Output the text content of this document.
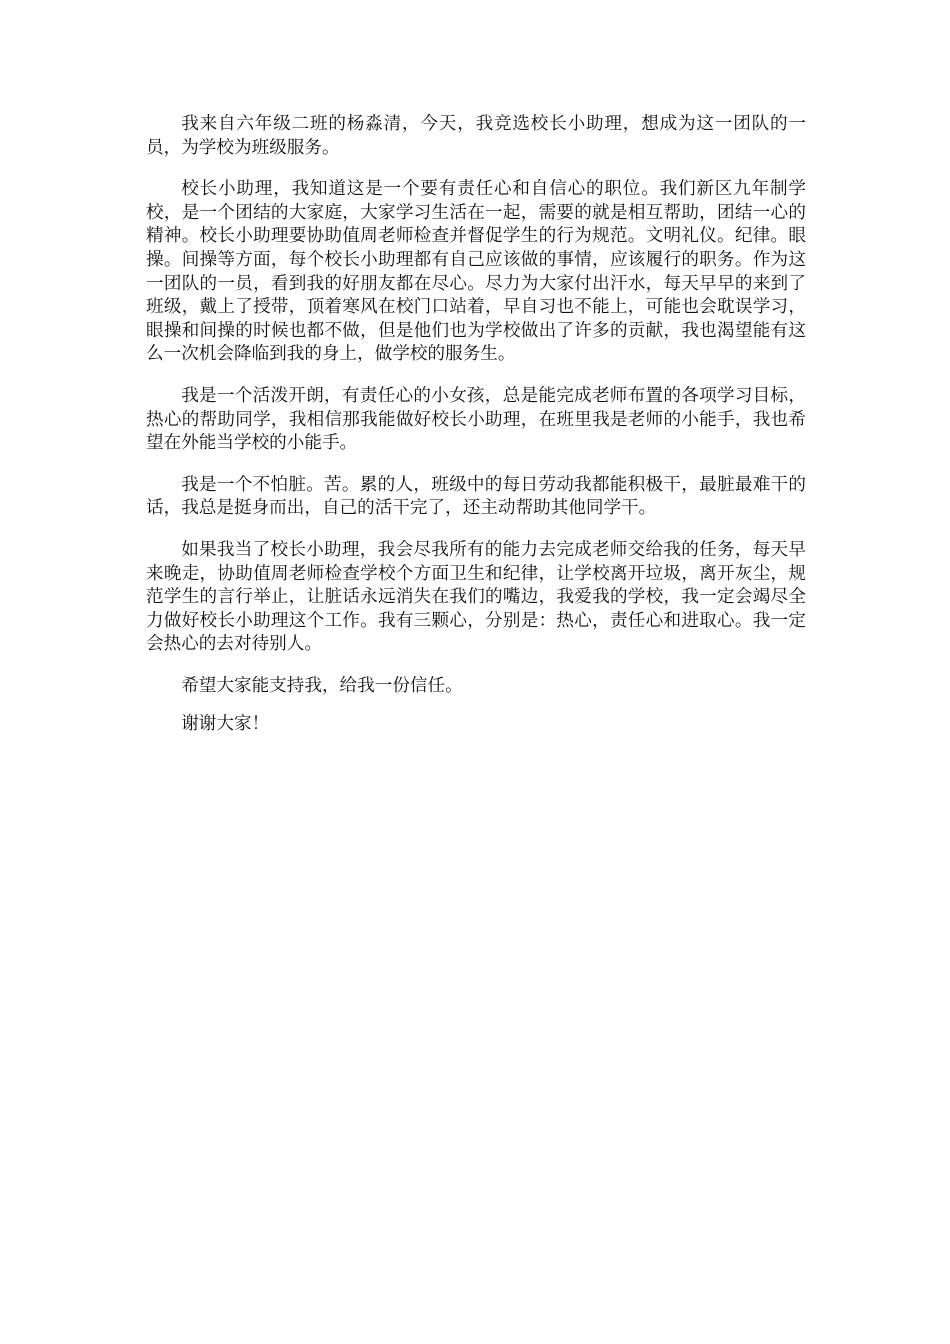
我来自六年级二班的杨淼清，今天，我竞选校长小助理，想成为这一团队的一员，为学校为班级服务。

校长小助理，我知道这是一个要有责任心和自信心的职位。我们新区九年制学校，是一个团结的大家庭，大家学习生活在一起，需要的就是相互帮助，团结一心的精神。校长小助理要协助值周老师检查并督促学生的行为规范。文明礼仪。纪律。眼操。间操等方面，每个校长小助理都有自己应该做的事情，应该履行的职务。作为这一团队的一员，看到我的好朋友都在尽心。尽力为大家付出汗水，每天早早的来到了班级，戴上了授带，顶着寒风在校门口站着，早自习也不能上，可能也会耽误学习，眼操和间操的时候也都不做，但是他们也为学校做出了许多的贡献，我也渴望能有这么一次机会降临到我的身上，做学校的服务生。

我是一个活泼开朗，有责任心的小女孩，总是能完成老师布置的各项学习目标，热心的帮助同学，我相信那我能做好校长小助理，在班里我是老师的小能手，我也希望在外能当学校的小能手。

我是一个不怕脏。苦。累的人，班级中的每日劳动我都能积极干，最脏最难干的话，我总是挺身而出，自己的活干完了，还主动帮助其他同学干。

如果我当了校长小助理，我会尽我所有的能力去完成老师交给我的任务，每天早来晚走，协助值周老师检查学校个方面卫生和纪律，让学校离开垃圾，离开灰尘，规范学生的言行举止，让脏话永远消失在我们的嘴边，我爱我的学校，我一定会竭尽全力做好校长小助理这个工作。我有三颗心，分别是：热心，责任心和进取心。我一定会热心的去对待别人。

希望大家能支持我，给我一份信任。

谢谢大家！
